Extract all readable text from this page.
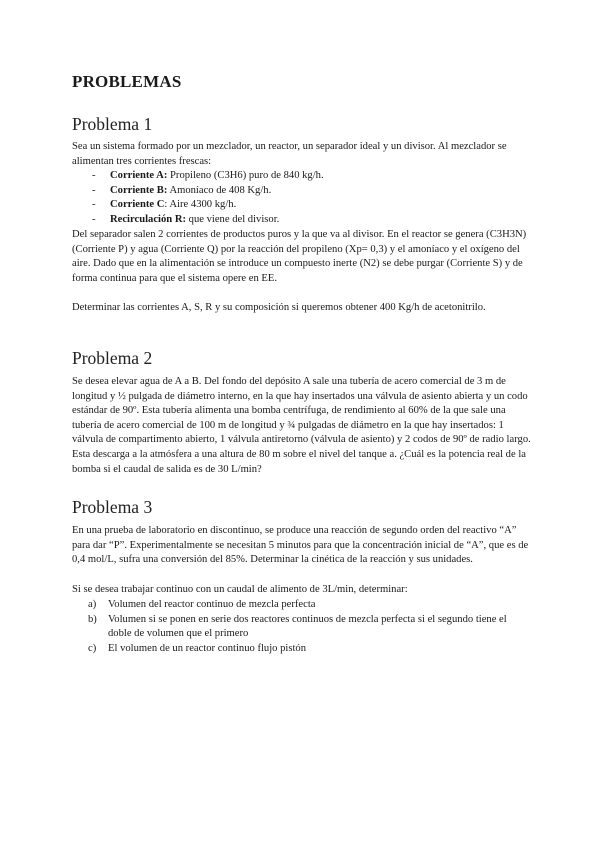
PROBLEMAS
Problema 1

Sea un sistema formado por un mezclador, un reactor, un separador ideal y un divisor. Al mezclador se alimentan tres corrientes frescas:

- Corriente A: Propileno (C3H6) puro de 840 kg/h.
- Corriente B: Amoníaco de 408 Kg/h.
- Corriente C: Aire 4300 kg/h.
- Recirculación R: que viene del divisor.

Del separador salen 2 corrientes de productos puros y la que va al divisor. En el reactor se genera (C3H3N) (Corriente P) y agua (Corriente Q) por la reacción del propileno (Xp= 0,3) y el amoníaco y el oxígeno del aire. Dado que en la alimentación se introduce un compuesto inerte (N2) se debe purgar (Corriente S) y de forma continua para que el sistema opere en EE.

Determinar las corrientes A, S, R y su composición si queremos obtener 400 Kg/h de acetonitrilo.

Problema 2

Se desea elevar agua de A a B. Del fondo del depósito A sale una tubería de acero comercial de 3 m de longitud y ½ pulgada de diámetro interno, en la que hay insertados una válvula de asiento abierta y un codo estándar de 90º. Esta tubería alimenta una bomba centrífuga, de rendimiento al 60% de la que sale una tubería de acero comercial de 100 m de longitud y ¾ pulgadas de diámetro en la que hay insertados: 1 válvula de compartimento abierto, 1 válvula antiretorno (válvula de asiento) y 2 codos de 90º de radio largo. Esta descarga a la atmósfera a una altura de 80 m sobre el nivel del tanque a. ¿Cuál es la potencia real de la bomba si el caudal de salida es de 30 L/min?

Problema 3

En una prueba de laboratorio en discontinuo, se produce una reacción de segundo orden del reactivo “A” para dar “P”. Experimentalmente se necesitan 5 minutos para que la concentración inicial de “A”, que es de 0,4 mol/L, sufra una conversión del 85%. Determinar la cinética de la reacción y sus unidades.

Si se desea trabajar continuo con un caudal de alimento de 3L/min, determinar:

a) Volumen del reactor continuo de mezcla perfecta
b) Volumen si se ponen en serie dos reactores continuos de mezcla perfecta si el segundo tiene el doble de volumen que el primero
c) El volumen de un reactor continuo flujo pistón
